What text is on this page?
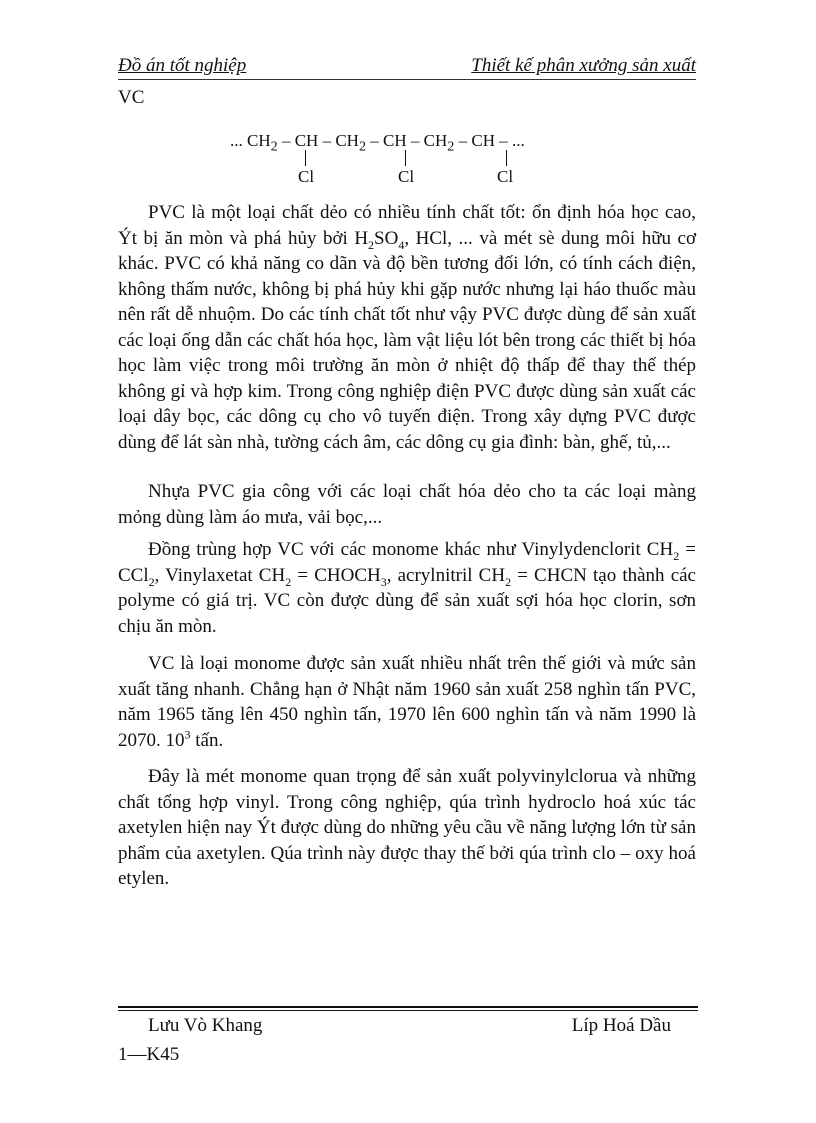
Đồ án tốt nghiệp	Thiết kế phân xưởng sản xuất
VC
... $CH_2$ – CH – $CH_2$ – CH – $CH_2$ – CH – ...
Cl	Cl	Cl
PVC là một loại chất dẻo có nhiều tính chất tốt: ổn định hóa học cao, Ýt bị ăn mòn và phá hủy bởi $H_2SO_4$, HCl, ... và mét sè dung môi hữu cơ khác. PVC có khả năng co dãn và độ bền tương đối lớn, có tính cách điện, không thấm nước, không bị phá hủy khi gặp nước nhưng lại háo thuốc màu nên rất dễ nhuộm. Do các tính chất tốt như vậy PVC được dùng để sản xuất các loại ống dẫn các chất hóa học, làm vật liệu lót bên trong các thiết bị hóa học làm việc trong môi trường ăn mòn ở nhiệt độ thấp để thay thế thép không gỉ và hợp kim. Trong công nghiệp điện PVC được dùng sản xuất các loại dây bọc, các dông cụ cho vô tuyến điện. Trong xây dựng PVC được dùng để lát sàn nhà, tường cách âm, các dông cụ gia đình: bàn, ghế, tủ,...
Nhựa PVC gia công với các loại chất hóa dẻo cho ta các loại màng mỏng dùng làm áo mưa, vải bọc,...
Đồng trùng hợp VC với các monome khác như Vinylydenclorit $CH_2 = CCl_2$, Vinylaxetat $CH_2$ = $CHOCH_3$, acrylnitril $CH_2$ = CHCN tạo thành các polyme có giá trị. VC còn được dùng để sản xuất sợi hóa học clorin, sơn chịu ăn mòn.
VC là loại monome được sản xuất nhiều nhất trên thế giới và mức sản xuất tăng nhanh. Chẳng hạn ở Nhật năm 1960 sản xuất 258 nghìn tấn PVC, năm 1965 tăng lên 450 nghìn tấn, 1970 lên 600 nghìn tấn và năm 1990 là 2070. $10^3$ tấn.
Đây là mét monome quan trọng để sản xuất polyvinylclorua và những chất tổng hợp vinyl. Trong công nghiệp, qúa trình hydroclo hoá xúc tác axetylen hiện nay Ýt được dùng do những yêu cầu về năng lượng lớn từ sản phẩm của axetylen. Qúa trình này được thay thế bởi qúa trình clo – oxy hoá etylen.
Lưu Vò Khang	Líp Hoá Dầu
1—K45
